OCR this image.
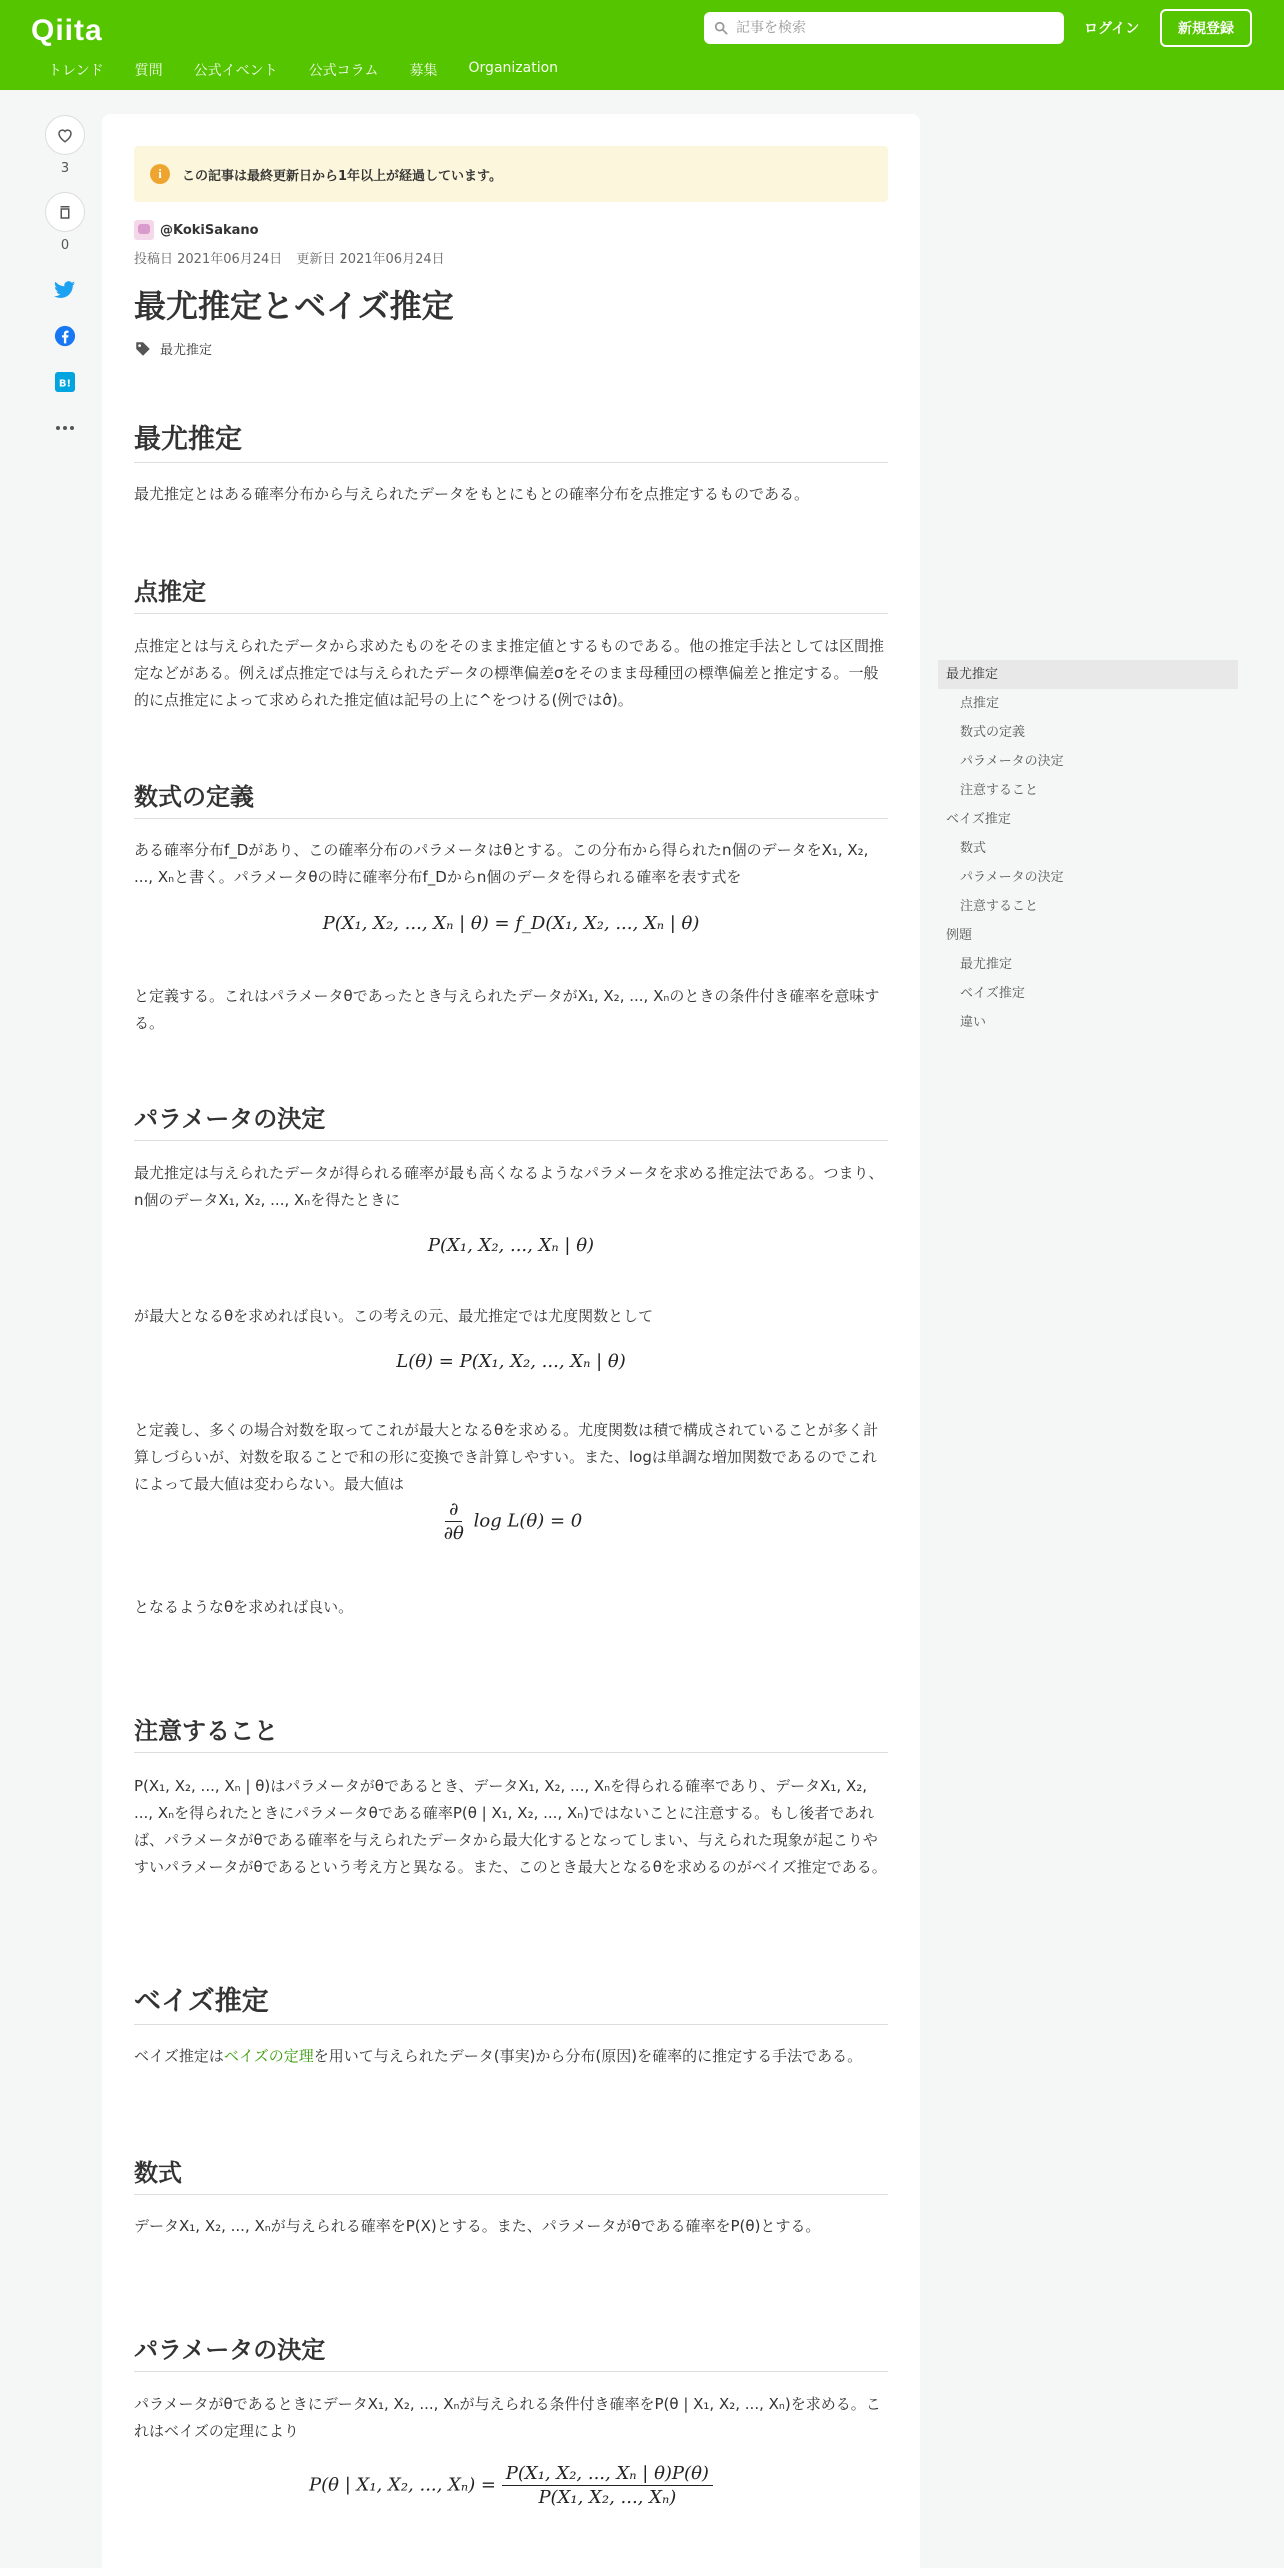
Qiita
記事を検索	ログイン	新規登録
トレンド 質問 公式イベント 公式コラム 募集 Organization
3
0
B!
i	この記事は最終更新日から1年以上が経過しています。
@KokiSakano
投稿日 2021年06月24日 更新日 2021年06月24日
最尤推定とベイズ推定
最尤推定
最尤推定

最尤推定とはある確率分布から与えられたデータをもとにもとの確率分布を点推定するものである。

点推定

点推定とは与えられたデータから求めたものをそのまま推定値とするものである。他の推定手法としては区間推定などがある。例えば点推定では与えられたデータの標準偏差σをそのまま母種団の標準偏差と推定する。一般的に点推定によって求められた推定値は記号の上に^をつける(例ではσ̂)。

数式の定義

ある確率分布f_Dがあり、この確率分布のパラメータはθとする。この分布から得られたn個のデータをX₁, X₂, ..., Xₙと書く。パラメータθの時に確率分布f_Dからn個のデータを得られる確率を表す式を

P(X₁, X₂, ..., Xₙ | θ) = f_D(X₁, X₂, ..., Xₙ | θ)

と定義する。これはパラメータθであったとき与えられたデータがX₁, X₂, ..., Xₙのときの条件付き確率を意味する。

パラメータの決定

最尤推定は与えられたデータが得られる確率が最も高くなるようなパラメータを求める推定法である。つまり、n個のデータX₁, X₂, ..., Xₙを得たときに

P(X₁, X₂, ..., Xₙ | θ)

が最大となるθを求めれば良い。この考えの元、最尤推定では尤度関数として

L(θ) = P(X₁, X₂, ..., Xₙ | θ)

と定義し、多くの場合対数を取ってこれが最大となるθを求める。尤度関数は積で構成されていることが多く計算しづらいが、対数を取ることで和の形に変換でき計算しやすい。また、logは単調な増加関数であるのでこれによって最大値は変わらない。最大値は

$\frac{\partial}{\partial\theta}$ log L(θ) = 0

となるようなθを求めれば良い。

注意すること

P(X₁, X₂, ..., Xₙ | θ)はパラメータがθであるとき、データX₁, X₂, ..., Xₙを得られる確率であり、データX₁, X₂, ..., Xₙを得られたときにパラメータθである確率P(θ | X₁, X₂, ..., Xₙ)ではないことに注意する。もし後者であれば、パラメータがθである確率を与えられたデータから最大化するとなってしまい、与えられた現象が起こりやすいパラメータがθであるという考え方と異なる。また、このとき最大となるθを求めるのがベイズ推定である。

ベイズ推定

ベイズ推定はベイズの定理を用いて与えられたデータ(事実)から分布(原因)を確率的に推定する手法である。

数式

データX₁, X₂, ..., Xₙが与えられる確率をP(X)とする。また、パラメータがθである確率をP(θ)とする。

パラメータの決定

パラメータがθであるときにデータX₁, X₂, ..., Xₙが与えられる条件付き確率をP(θ | X₁, X₂, ..., Xₙ)を求める。これはベイズの定理により

P(θ | X₁, X₂, ..., $X_n) = \frac{\text{P(X₁, X₂, ..., Xₙ | θ)P(θ)}}{\text{P(X₁, X₂, ..., Xₙ)}}$
最尤推定
点推定
数式の定義
パラメータの決定
注意すること
ベイズ推定
数式
パラメータの決定
注意すること
例題
最尤推定
ベイズ推定
違い
